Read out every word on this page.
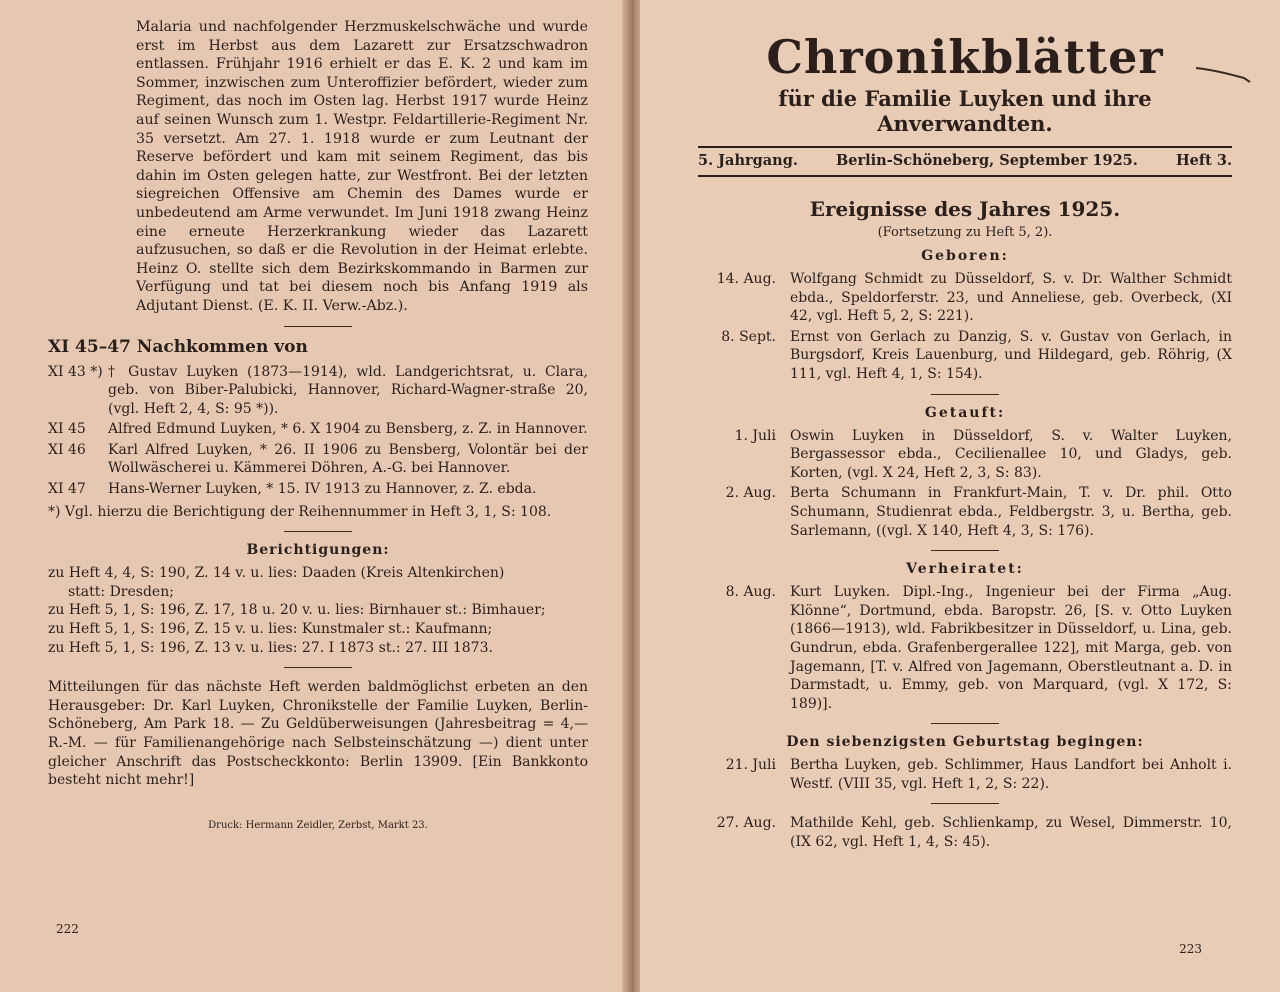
Malaria und nachfolgender Herzmuskelschwäche und wurde erst im Herbst aus dem Lazarett zur Ersatzschwadron entlassen. Frühjahr 1916 erhielt er das E. K. 2 und kam im Sommer, inzwischen zum Unteroffizier befördert, wieder zum Regiment, das noch im Osten lag. Herbst 1917 wurde Heinz auf seinen Wunsch zum 1. Westpr. Feldartillerie-Regiment Nr. 35 versetzt. Am 27. 1. 1918 wurde er zum Leutnant der Reserve befördert und kam mit seinem Regiment, das bis dahin im Osten gelegen hatte, zur Westfront. Bei der letzten siegreichen Offensive am Chemin des Dames wurde er unbedeutend am Arme verwundet. Im Juni 1918 zwang Heinz eine erneute Herzerkrankung wieder das Lazarett aufzusuchen, so daß er die Revolution in der Heimat erlebte. Heinz O. stellte sich dem Bezirkskommando in Barmen zur Verfügung und tat bei diesem noch bis Anfang 1919 als Adjutant Dienst. (E. K. II. Verw.-Abz.).
XI 45–47 Nachkommen von
XI 43 *) † Gustav Luyken (1873—1914), wld. Landgerichtsrat, u. Clara, geb. von Biber-Palubicki, Hannover, Richard-Wagner-straße 20, (vgl. Heft 2, 4, S: 95 *)).
XI 45	Alfred Edmund Luyken, * 6. X 1904 zu Bensberg, z. Z. in Hannover.
XI 46	Karl Alfred Luyken, * 26. II 1906 zu Bensberg, Volontär bei der Wollwäscherei u. Kämmerei Döhren, A.-G. bei Hannover.
XI 47	Hans-Werner Luyken, * 15. IV 1913 zu Hannover, z. Z. ebda.
*) Vgl. hierzu die Berichtigung der Reihennummer in Heft 3, 1, S: 108.
Berichtigungen:
zu Heft 4, 4, S: 190, Z. 14 v. u. lies: Daaden (Kreis Altenkirchen)
statt: Dresden;
zu Heft 5, 1, S: 196, Z. 17, 18 u. 20 v. u. lies: Birnhauer st.: Bimhauer;
zu Heft 5, 1, S: 196, Z. 15 v. u. lies: Kunstmaler st.: Kaufmann;
zu Heft 5, 1, S: 196, Z. 13 v. u. lies: 27. I 1873 st.: 27. III 1873.
Mitteilungen für das nächste Heft werden baldmöglichst erbeten an den Herausgeber: Dr. Karl Luyken, Chronikstelle der Familie Luyken, Berlin-Schöneberg, Am Park 18. — Zu Geldüberweisungen (Jahresbeitrag = 4,— R.-M. — für Familienangehörige nach Selbsteinschätzung —) dient unter gleicher Anschrift das Postscheckkonto: Berlin 13909. [Ein Bankkonto besteht nicht mehr!]
Druck: Hermann Zeidler, Zerbst, Markt 23.
222
Chronikblätter
für die Familie Luyken und ihre Anverwandten.
5. Jahrgang.	Berlin-Schöneberg, September 1925.	Heft 3.
Ereignisse des Jahres 1925.
(Fortsetzung zu Heft 5, 2).
Geboren:
14. Aug.	Wolfgang Schmidt zu Düsseldorf, S. v. Dr. Walther Schmidt ebda., Speldorferstr. 23, und Anneliese, geb. Overbeck, (XI 42, vgl. Heft 5, 2, S: 221).
8. Sept.	Ernst von Gerlach zu Danzig, S. v. Gustav von Gerlach, in Burgsdorf, Kreis Lauenburg, und Hildegard, geb. Röhrig, (X 111, vgl. Heft 4, 1, S: 154).
Getauft:
1. Juli	Oswin Luyken in Düsseldorf, S. v. Walter Luyken, Bergassessor ebda., Cecilienallee 10, und Gladys, geb. Korten, (vgl. X 24, Heft 2, 3, S: 83).
2. Aug.	Berta Schumann in Frankfurt-Main, T. v. Dr. phil. Otto Schumann, Studienrat ebda., Feldbergstr. 3, u. Bertha, geb. Sarlemann, ((vgl. X 140, Heft 4, 3, S: 176).
Verheiratet:
8. Aug.	Kurt Luyken. Dipl.-Ing., Ingenieur bei der Firma „Aug. Klönne“, Dortmund, ebda. Baropstr. 26, [S. v. Otto Luyken (1866—1913), wld. Fabrikbesitzer in Düsseldorf, u. Lina, geb. Gundrun, ebda. Grafenbergerallee 122], mit Marga, geb. von Jagemann, [T. v. Alfred von Jagemann, Oberstleutnant a. D. in Darmstadt, u. Emmy, geb. von Marquard, (vgl. X 172, S: 189)].
Den siebenzigsten Geburtstag begingen:
21. Juli	Bertha Luyken, geb. Schlimmer, Haus Landfort bei Anholt i. Westf. (VIII 35, vgl. Heft 1, 2, S: 22).
27. Aug.	Mathilde Kehl, geb. Schlienkamp, zu Wesel, Dimmerstr. 10, (IX 62, vgl. Heft 1, 4, S: 45).
223
